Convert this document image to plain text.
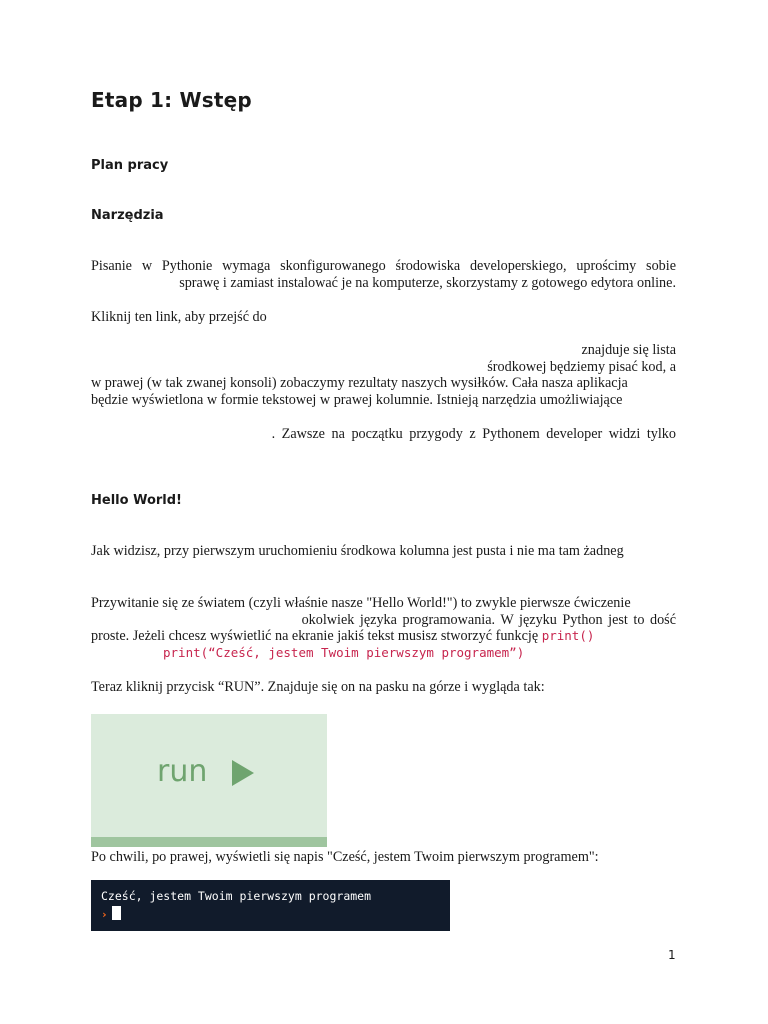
Etap 1: Wstęp
Plan pracy
Narzędzia
Pisanie w Pythonie wymaga skonfigurowanego środowiska developerskiego, uprościmy sobie
sprawę i zamiast instalować je na komputerze, skorzystamy z gotowego edytora online.
Kliknij ten link, aby przejść do
znajduje się lista
środkowej będziemy pisać kod, a
w prawej (w tak zwanej konsoli) zobaczymy rezultaty naszych wysiłków. Cała nasza aplikacja
będzie wyświetlona w formie tekstowej w prawej kolumnie. Istnieją narzędzia umożliwiające
. Zawsze na początku przygody z Pythonem developer widzi tylko
Hello World!
Jak widzisz, przy pierwszym uruchomieniu środkowa kolumna jest pusta i nie ma tam żadneg
Przywitanie się ze światem (czyli właśnie nasze "Hello World!") to zwykle pierwsze ćwiczenie
okolwiek języka programowania. W języku Python jest to dość
proste. Jeżeli chcesz wyświetlić na ekranie jakiś tekst musisz stworzyć funkcję print()
print(“Cześć, jestem Twoim pierwszym programem”)
Teraz kliknij przycisk “RUN”. Znajduje się on na pasku na górze i wygląda tak:
run
Po chwili, po prawej, wyświetli się napis "Cześć, jestem Twoim pierwszym programem":
Cześć, jestem Twoim pierwszym programem
›
1
